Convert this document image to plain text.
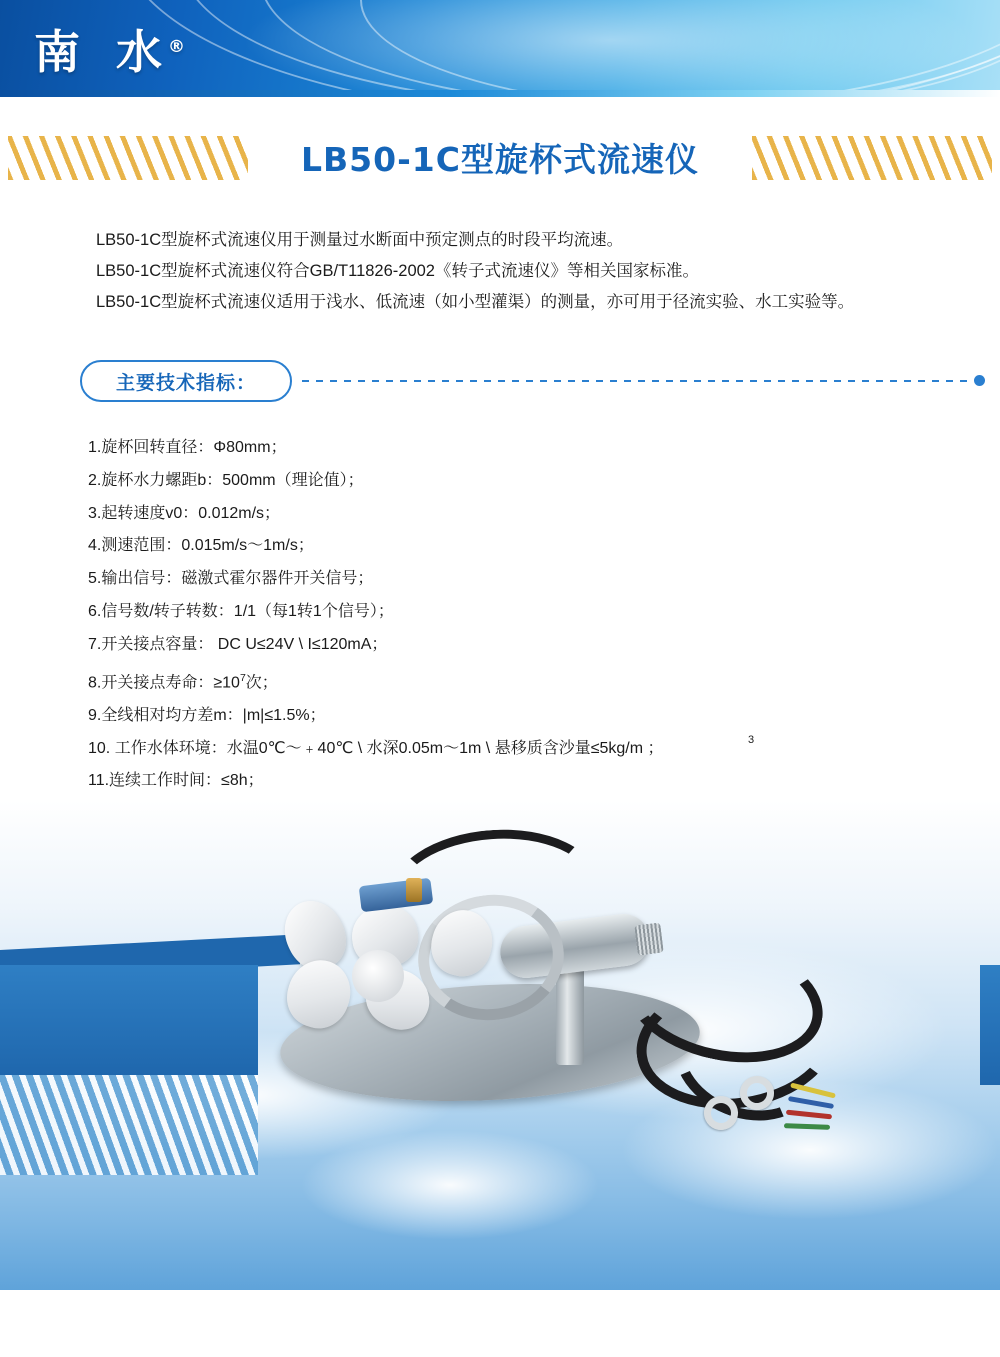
南 水®
LB50-1C型旋杯式流速仪

LB50-1C型旋杯式流速仪用于测量过水断面中预定测点的时段平均流速。

LB50-1C型旋杯式流速仪符合GB/T11826-2002《转子式流速仪》等相关国家标准。

LB50-1C型旋杯式流速仪适用于浅水、低流速（如小型灌渠）的测量，亦可用于径流实验、水工实验等。

主要技术指标：
1.旋杯回转直径：Φ80mm；
2.旋杯水力螺距b：500mm（理论值）；
3.起转速度v0：0.012m/s；
4.测速范围：0.015m/s～1m/s；
5.输出信号：磁激式霍尔器件开关信号；
6.信号数/转子转数：1/1（每1转1个信号）；
7.开关接点容量： DC U≤24V \ I≤120mA；
8.开关接点寿命：$\ge 10^7$次；
9.全线相对均方差m：|m|≤1.5%；
10. 工作水体环境：水温0℃～﹢40℃ \ 水深0.05m～1m \ 悬移质含沙量≤5kg/m ；	3
11.连续工作时间：≤8h；
